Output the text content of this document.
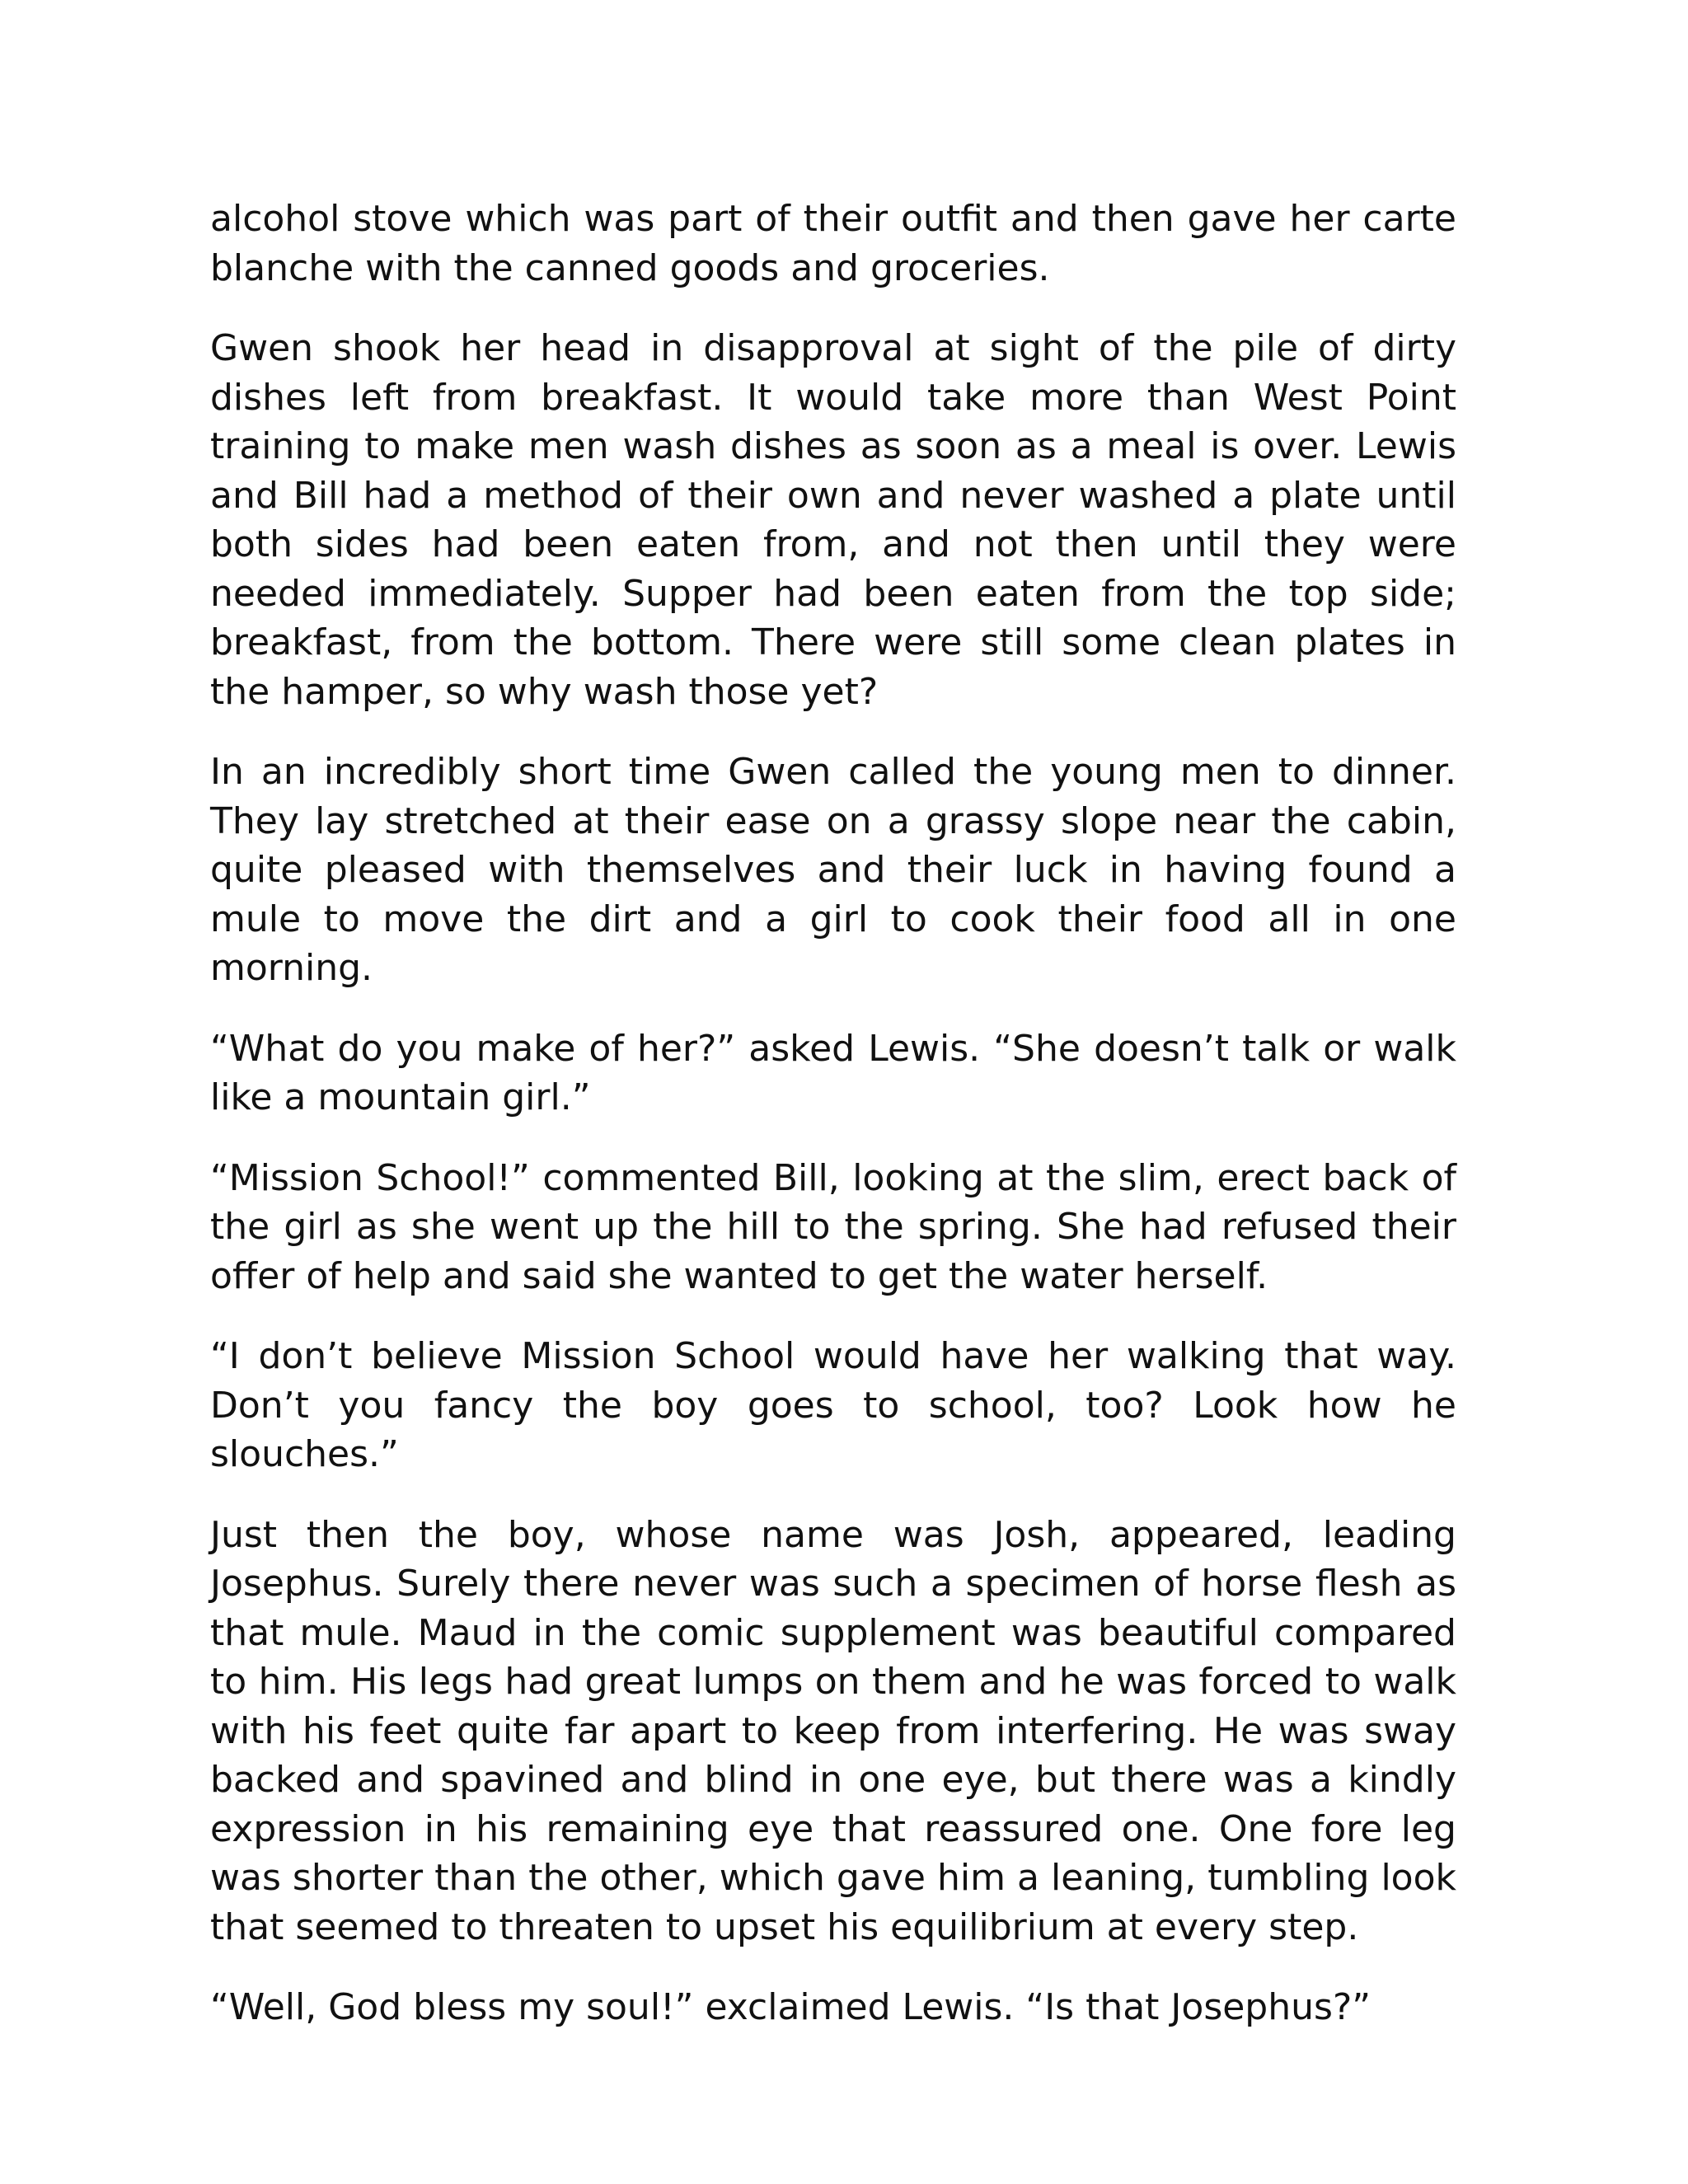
alcohol stove which was part of their outfit and then gave her carte blanche with the canned goods and groceries.

Gwen shook her head in disapproval at sight of the pile of dirty dishes left from breakfast. It would take more than West Point training to make men wash dishes as soon as a meal is over. Lewis and Bill had a method of their own and never washed a plate until both sides had been eaten from, and not then until they were needed immediately. Supper had been eaten from the top side; breakfast, from the bottom. There were still some clean plates in the hamper, so why wash those yet?

In an incredibly short time Gwen called the young men to dinner. They lay stretched at their ease on a grassy slope near the cabin, quite pleased with themselves and their luck in having found a mule to move the dirt and a girl to cook their food all in one morning.

“What do you make of her?” asked Lewis. “She doesn’t talk or walk like a mountain girl.”

“Mission School!” commented Bill, looking at the slim, erect back of the girl as she went up the hill to the spring. She had refused their offer of help and said she wanted to get the water herself.

“I don’t believe Mission School would have her walking that way. Don’t you fancy the boy goes to school, too? Look how he slouches.”

Just then the boy, whose name was Josh, appeared, leading Josephus. Surely there never was such a specimen of horse flesh as that mule. Maud in the comic supplement was beautiful compared to him. His legs had great lumps on them and he was forced to walk with his feet quite far apart to keep from interfering. He was sway backed and spavined and blind in one eye, but there was a kindly expression in his remaining eye that reassured one. One fore leg was shorter than the other, which gave him a leaning, tumbling look that seemed to threaten to upset his equilibrium at every step.

“Well, God bless my soul!” exclaimed Lewis. “Is that Josephus?”
